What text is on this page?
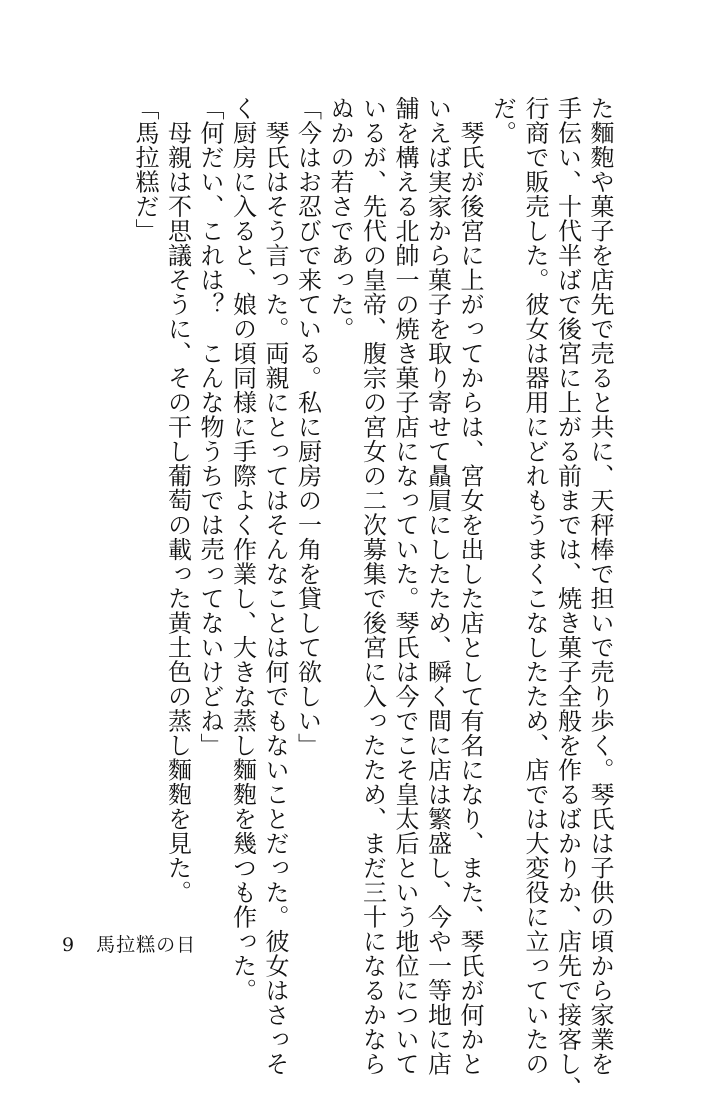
た麵麭や菓子を店先で売ると共に、天秤棒で担いで売り歩く。琴氏は子供の頃から家業を
手伝い、十代半ばで後宮に上がる前までは、焼き菓子全般を作るばかりか、店先で接客し、
行商で販売した。彼女は器用にどれもうまくこなしたため、店では大変役に立っていたの
だ。
　琴氏が後宮に上がってからは、宮女を出した店として有名になり、また、琴氏が何かと
いえば実家から菓子を取り寄せて贔屓にしたため、瞬く間に店は繁盛し、今や一等地に店
舗を構える北帥一の焼き菓子店になっていた。琴氏は今でこそ皇太后という地位について
いるが、先代の皇帝、腹宗の宮女の二次募集で後宮に入ったため、まだ三十になるかなら
ぬかの若さであった。
「今はお忍びで来ている。私に厨房の一角を貸して欲しい」
　琴氏はそう言った。両親にとってはそんなことは何でもないことだった。彼女はさっそ
く厨房に入ると、娘の頃同様に手際よく作業し、大きな蒸し麵麭を幾つも作った。
「何だい、これは？　こんな物うちでは売ってないけどね」
　母親は不思議そうに、その干し葡萄の載った黄土色の蒸し麵麭を見た。
「馬拉糕だ」
9 馬拉糕の日
